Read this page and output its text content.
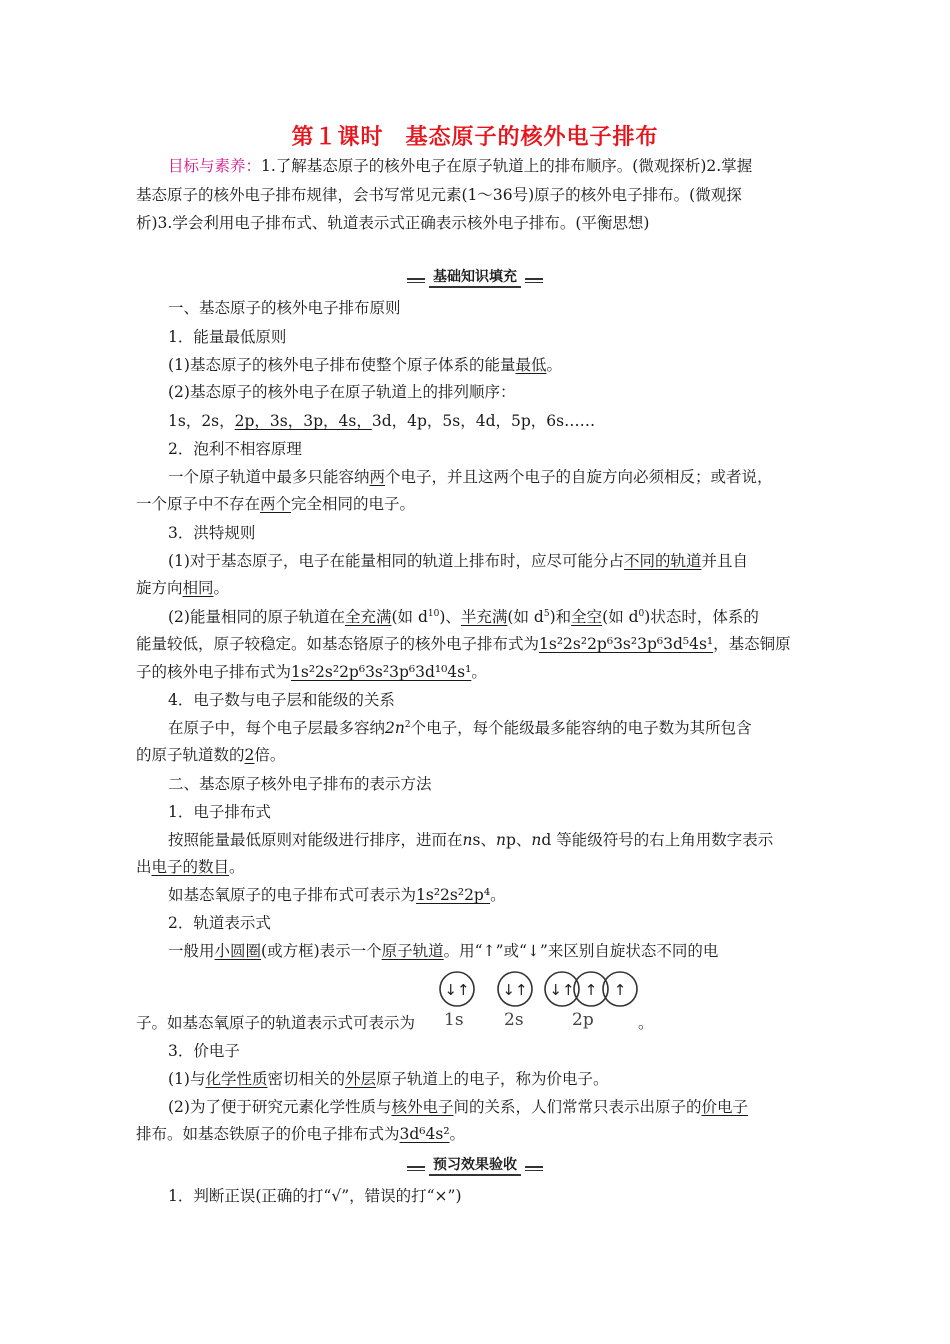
第１课时 基态原子的核外电子排布
目标与素养：1.了解基态原子的核外电子在原子轨道上的排布顺序。(微观探析)2.掌握
基态原子的核外电子排布规律，会书写常见元素(1～36号)原子的核外电子排布。(微观探
析)3.学会利用电子排布式、轨道表示式正确表示核外电子排布。(平衡思想)
基础知识填充
一、基态原子的核外电子排布原则
1．能量最低原则
(1)基态原子的核外电子排布使整个原子体系的能量最低。
(2)基态原子的核外电子在原子轨道上的排列顺序：
1s，2s，2p，3s，3p，4s，3d，4p，5s，4d，5p，6s……
2．泡利不相容原理
一个原子轨道中最多只能容纳两个电子，并且这两个电子的自旋方向必须相反；或者说，
一个原子中不存在两个完全相同的电子。
3．洪特规则
(1)对于基态原子，电子在能量相同的轨道上排布时，应尽可能分占不同的轨道并且自
旋方向相同。
(2)能量相同的原子轨道在全充满(如 $d^{10}$)、半充满(如 $d^5$)和全空(如 $d^0$)状态时，体系的
能量较低，原子较稳定。如基态铬原子的核外电子排布式为1s²2s²2p⁶3s²3p⁶3d⁵4s¹，基态铜原
子的核外电子排布式为1s²2s²2p⁶3s²3p⁶3d¹⁰4s¹。
4．电子数与电子层和能级的关系
在原子中，每个电子层最多容纳$2n^2$个电子，每个能级最多能容纳的电子数为其所包含
的原子轨道数的2倍。
二、基态原子核外电子排布的表示方法
1．电子排布式
按照能量最低原则对能级进行排序，进而在ns、np、nd 等能级符号的右上角用数字表示
出电子的数目。
如基态氧原子的电子排布式可表示为1s²2s²2p⁴。
2．轨道表示式
一般用小圆圈(或方框)表示一个原子轨道。用“↑”或“↓”来区别自旋状态不同的电
↓↑ ↓↑ ↓↑ ↑ ↑
1s 2s	2p
子。如基态氧原子的轨道表示式可表示为	。
3．价电子
(1)与化学性质密切相关的外层原子轨道上的电子，称为价电子。
(2)为了便于研究元素化学性质与核外电子间的关系，人们常常只表示出原子的价电子
排布。如基态铁原子的价电子排布式为3d⁶4s²。
预习效果验收
1．判断正误(正确的打“√”，错误的打“×”)
